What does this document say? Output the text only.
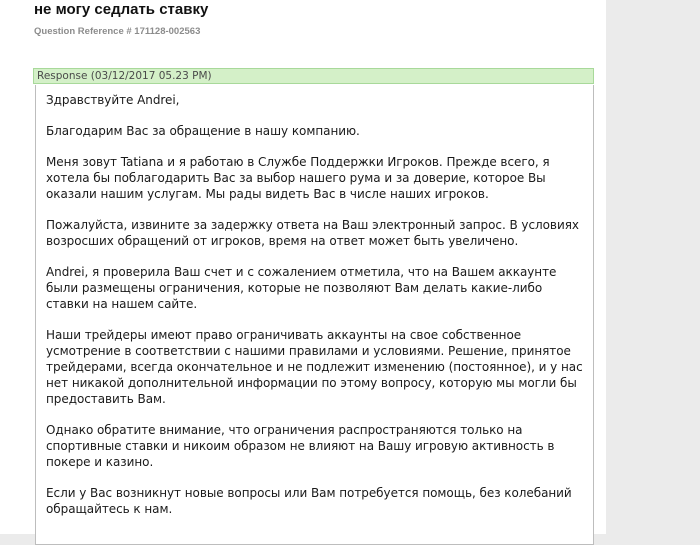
не могу седлать ставку
Question Reference # 171128-002563
Response (03/12/2017 05.23 PM)

Здравствуйте Andrei,

Благодарим Вас за обращение в нашу компанию.

Меня зовут Tatiana и я работаю в Службе Поддержки Игроков. Прежде всего, я хотела бы поблагодарить Вас за выбор нашего рума и за доверие, которое Вы оказали нашим услугам. Мы рады видеть Вас в числе наших игроков.

Пожалуйста, извините за задержку ответа на Ваш электронный запрос. В условиях возросших обращений от игроков, время на ответ может быть увеличено.

Andrei, я проверила Ваш счет и с сожалением отметила, что на Вашем аккаунте были размещены ограничения, которые не позволяют Вам делать какие-либо ставки на нашем сайте.

Наши трейдеры имеют право ограничивать аккаунты на свое собственное усмотрение в соответствии с нашими правилами и условиями. Решение, принятое трейдерами, всегда окончательное и не подлежит изменению (постоянное), и у нас нет никакой дополнительной информации по этому вопросу, которую мы могли бы предоставить Вам.

Однако обратите внимание, что ограничения распространяются только на спортивные ставки и никоим образом не влияют на Вашу игровую активность в покере и казино.

Если у Вас возникнут новые вопросы или Вам потребуется помощь, без колебаний обращайтесь к нам.
